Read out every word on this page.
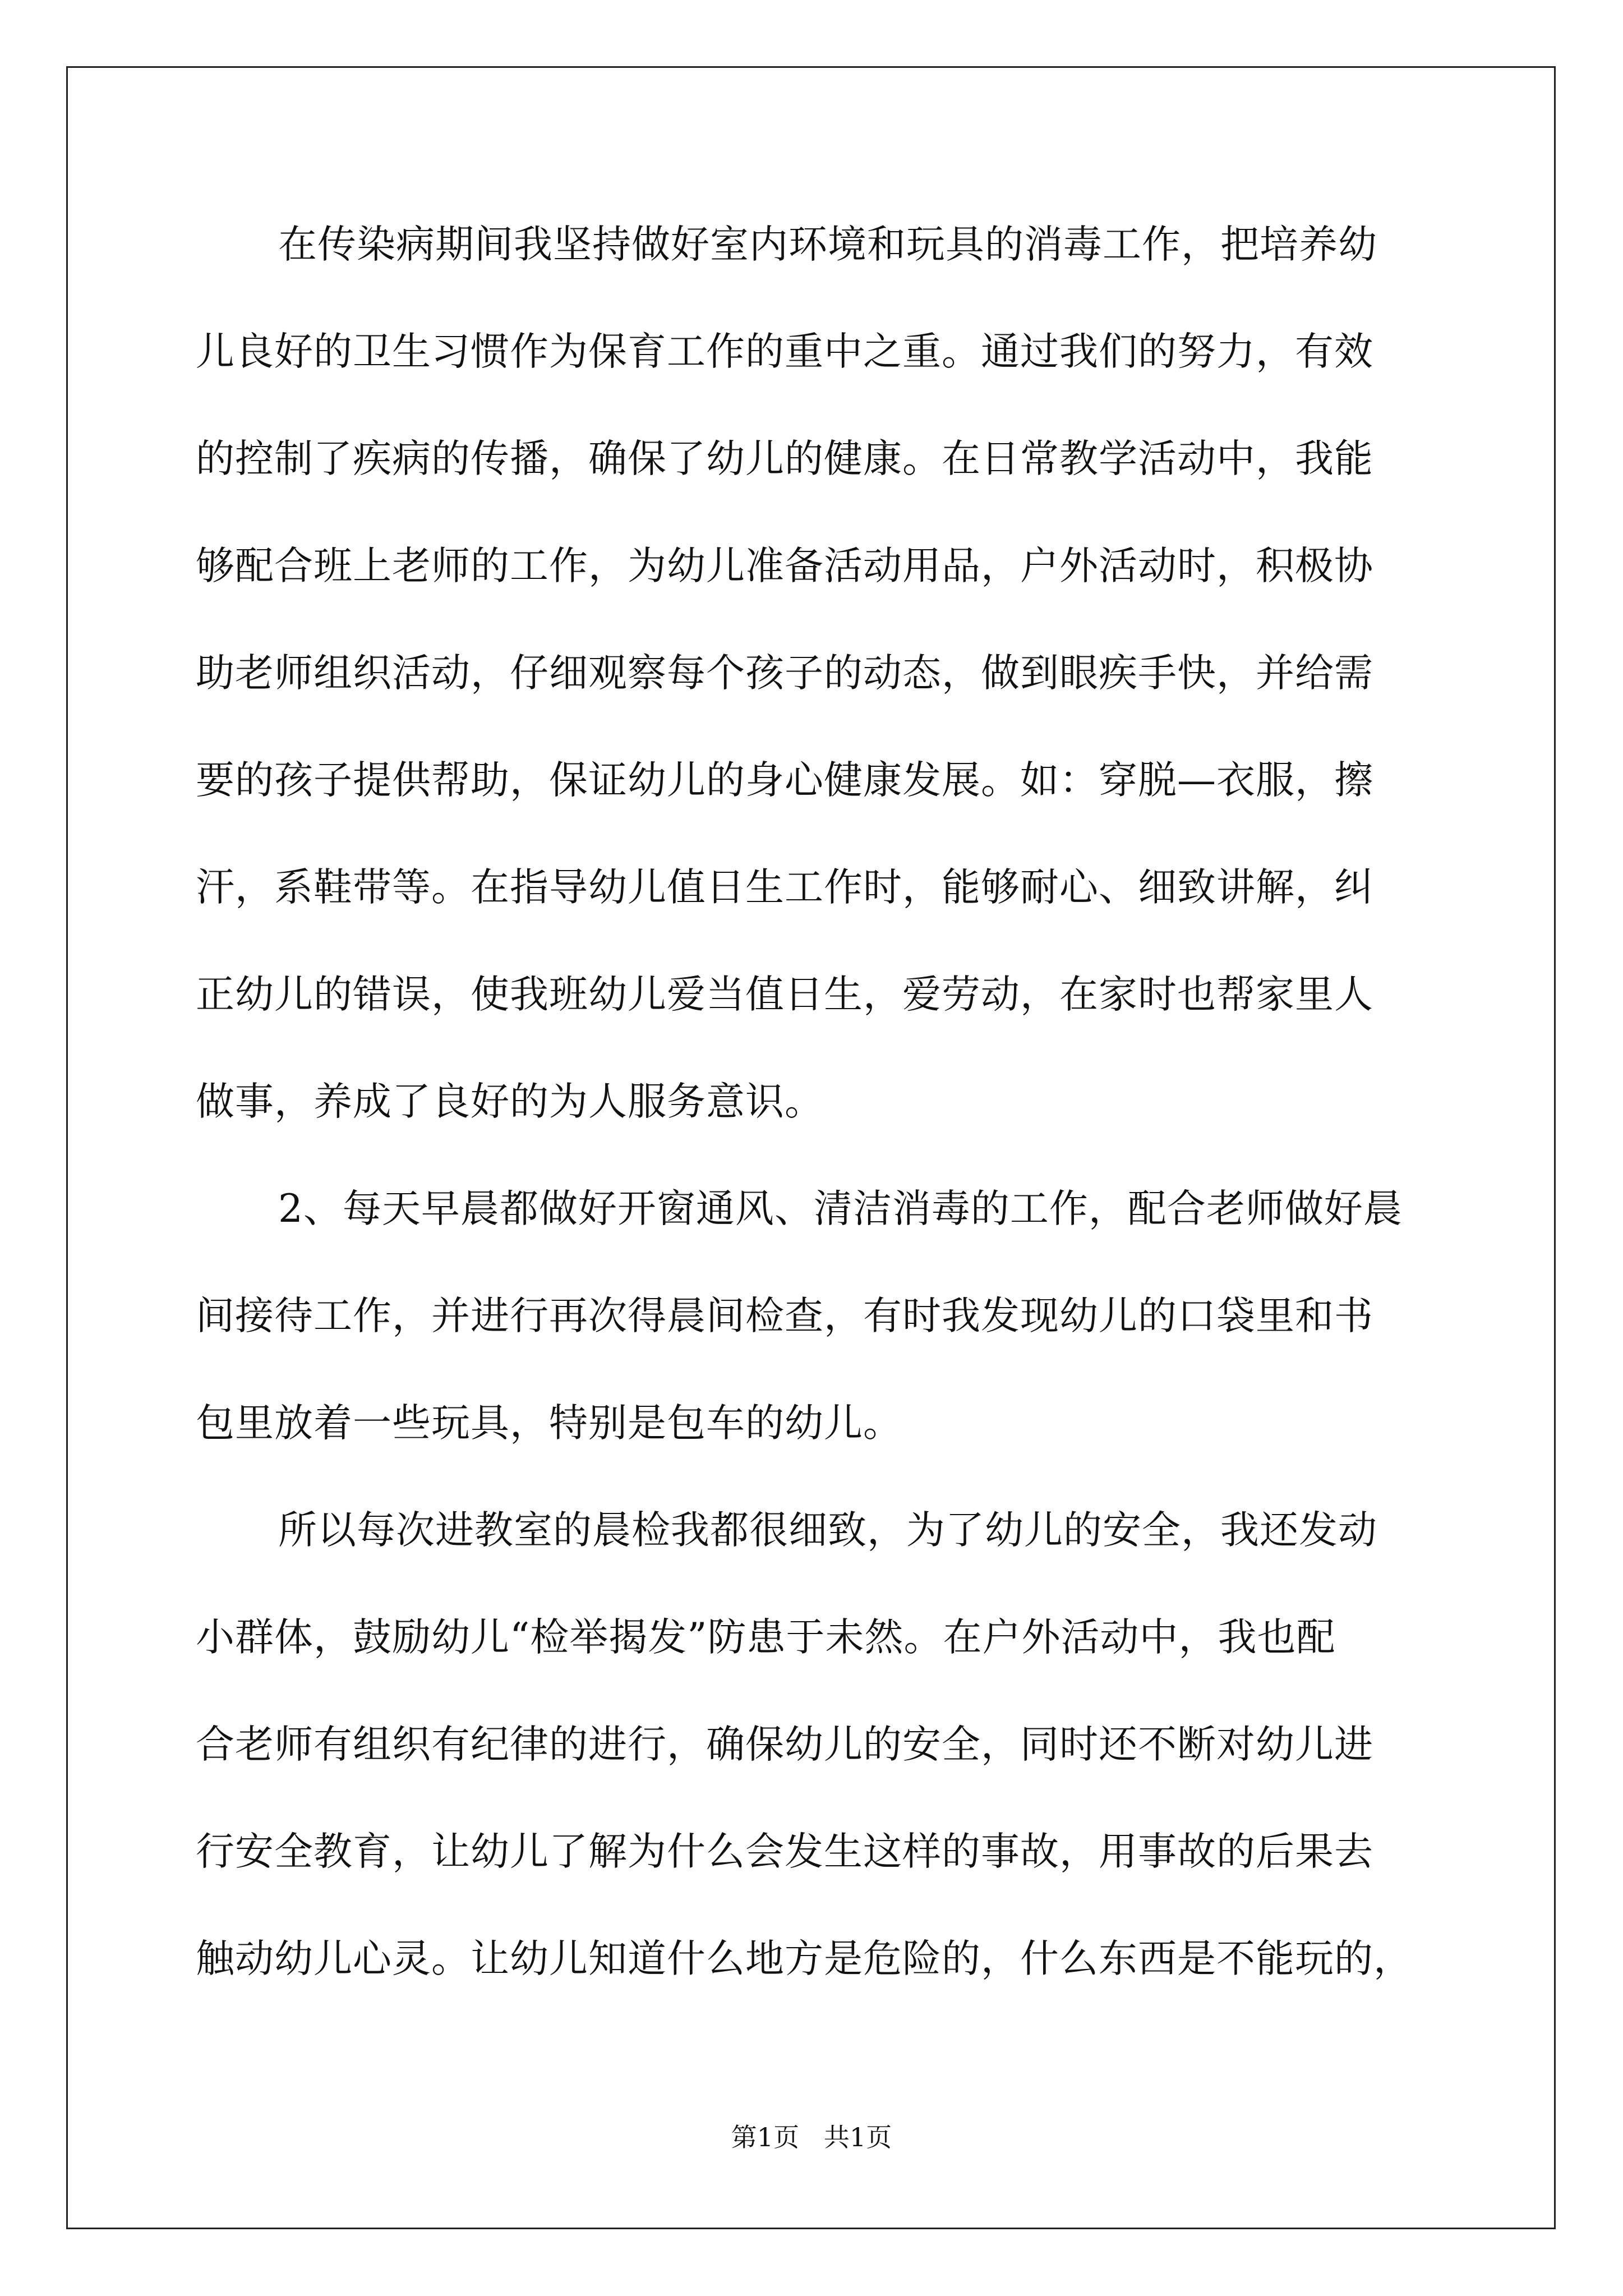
在传染病期间我坚持做好室内环境和玩具的消毒工作，把培养幼
儿良好的卫生习惯作为保育工作的重中之重。通过我们的努力，有效
的控制了疾病的传播，确保了幼儿的健康。在日常教学活动中，我能
够配合班上老师的工作，为幼儿准备活动用品，户外活动时，积极协
助老师组织活动，仔细观察每个孩子的动态，做到眼疾手快，并给需
要的孩子提供帮助，保证幼儿的身心健康发展。如：穿脱—衣服，擦
汗，系鞋带等。在指导幼儿值日生工作时，能够耐心、细致讲解，纠
正幼儿的错误，使我班幼儿爱当值日生，爱劳动，在家时也帮家里人
做事，养成了良好的为人服务意识。
2、每天早晨都做好开窗通风、清洁消毒的工作，配合老师做好晨
间接待工作，并进行再次得晨间检查，有时我发现幼儿的口袋里和书
包里放着一些玩具，特别是包车的幼儿。
所以每次进教室的晨检我都很细致，为了幼儿的安全，我还发动
小群体，鼓励幼儿“检举揭发”防患于未然。在户外活动中，我也配
合老师有组织有纪律的进行，确保幼儿的安全，同时还不断对幼儿进
行安全教育，让幼儿了解为什么会发生这样的事故，用事故的后果去
触动幼儿心灵。让幼儿知道什么地方是危险的，什么东西是不能玩的，
第1页   共1页
